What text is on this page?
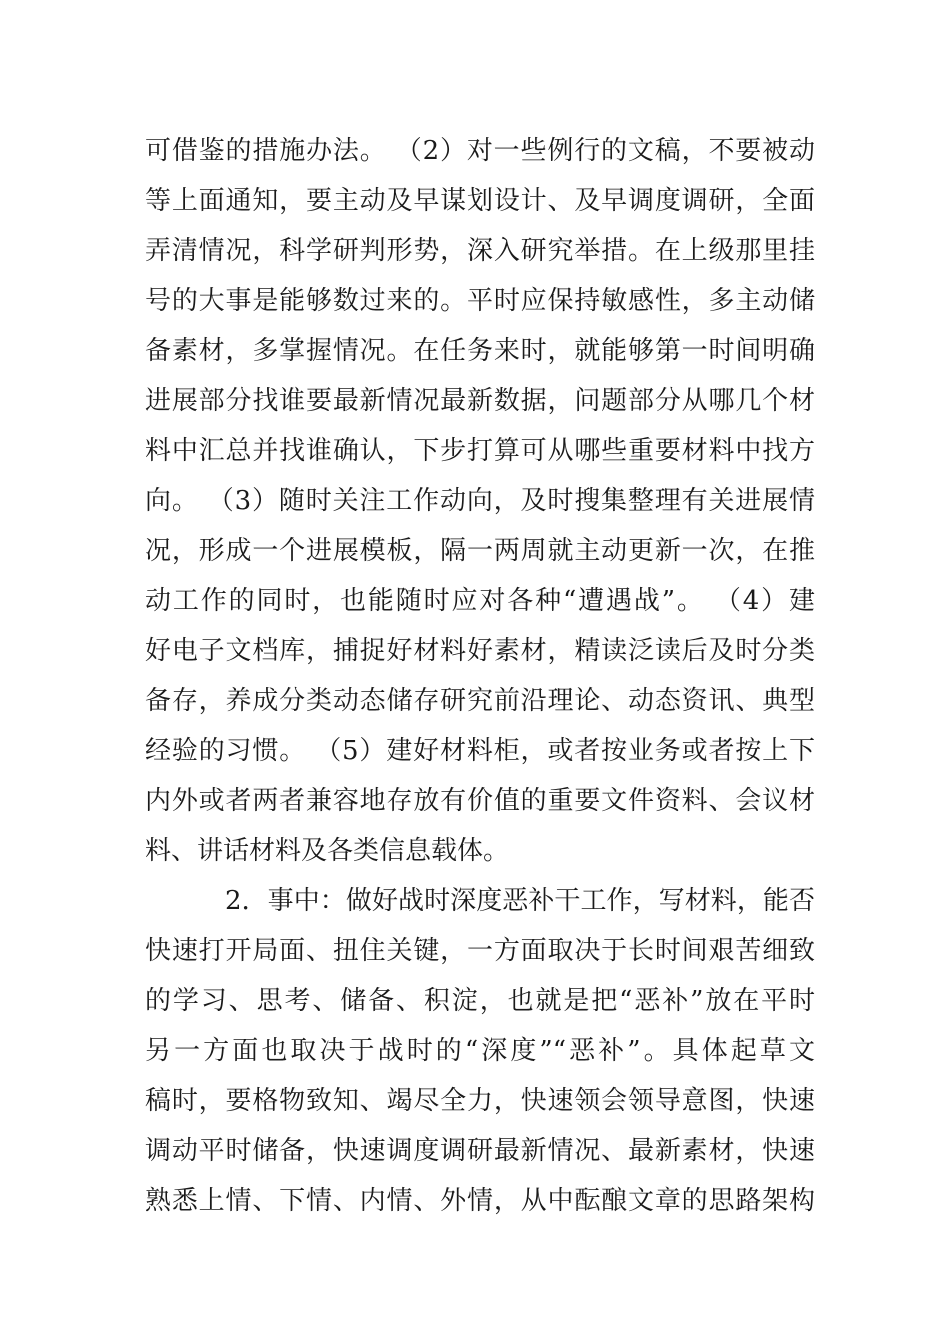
可借鉴的措施办法。 （2）对一些例行的文稿，不要被动
等上面通知，要主动及早谋划设计、及早调度调研，全面
弄清情况，科学研判形势，深入研究举措。在上级那里挂
号的大事是能够数过来的。平时应保持敏感性，多主动储
备素材，多掌握情况。在任务来时，就能够第一时间明确
进展部分找谁要最新情况最新数据，问题部分从哪几个材
料中汇总并找谁确认，下步打算可从哪些重要材料中找方
向。 （3）随时关注工作动向，及时搜集整理有关进展情
况，形成一个进展模板，隔一两周就主动更新一次，在推
动工作的同时，也能随时应对各种“遭遇战”。 （4）建
好电子文档库，捕捉好材料好素材，精读泛读后及时分类
备存，养成分类动态储存研究前沿理论、动态资讯、典型
经验的习惯。 （5）建好材料柜，或者按业务或者按上下
内外或者两者兼容地存放有价值的重要文件资料、会议材
料、讲话材料及各类信息载体。
2．事中：做好战时深度恶补干工作，写材料，能否
快速打开局面、扭住关键，一方面取决于长时间艰苦细致
的学习、思考、储备、积淀，也就是把“恶补”放在平时
另一方面也取决于战时的“深度”“恶补”。具体起草文
稿时，要格物致知、竭尽全力，快速领会领导意图，快速
调动平时储备，快速调度调研最新情况、最新素材，快速
熟悉上情、下情、内情、外情，从中酝酿文章的思路架构
